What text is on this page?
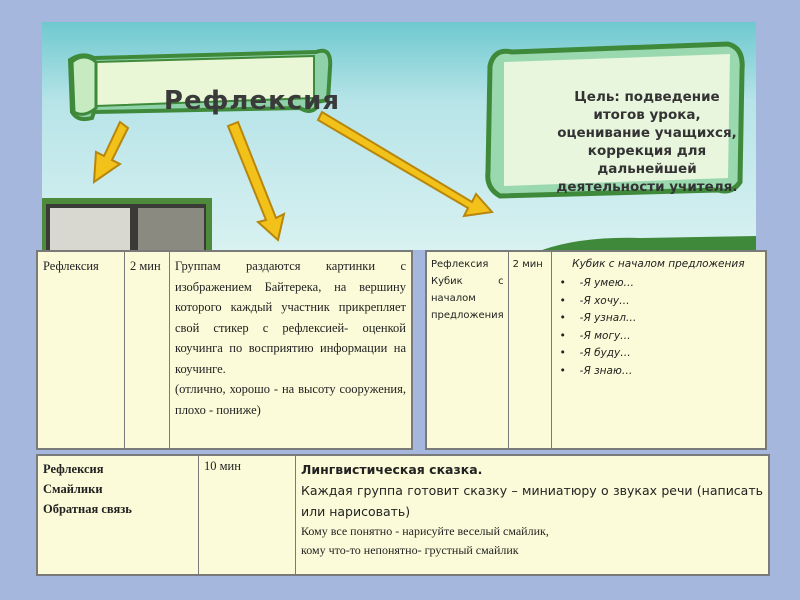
Рефлексия	Цель: подведение
итогов урока,
оценивание учащихся,
коррекция для
дальнейшей
деятельности учителя.
Рефлексия	2 мин	Группам раздаются картинки с изображением Байтерека, на вершину которого каждый участник прикрепляет свой стикер с рефлексией- оценкой коучинга по восприятию информации на коучинге.
(отлично, хорошо - на высоту сооружения, плохо - пониже)
Рефлексия Кубик с началом предложения	2 мин	Кубик с началом предложения
• -Я умею…
• -Я хочу…
• -Я узнал…
• -Я могу…
• -Я буду…
• -Я знаю…
Рефлексия
Смайлики
Обратная связь
	10 мин	Лингвистическая сказка.
Каждая группа готовит сказку – миниатюру о звуках речи (написать или нарисовать)
Кому все понятно - нарисуйте веселый смайлик,
кому что-то непонятно- грустный смайлик
